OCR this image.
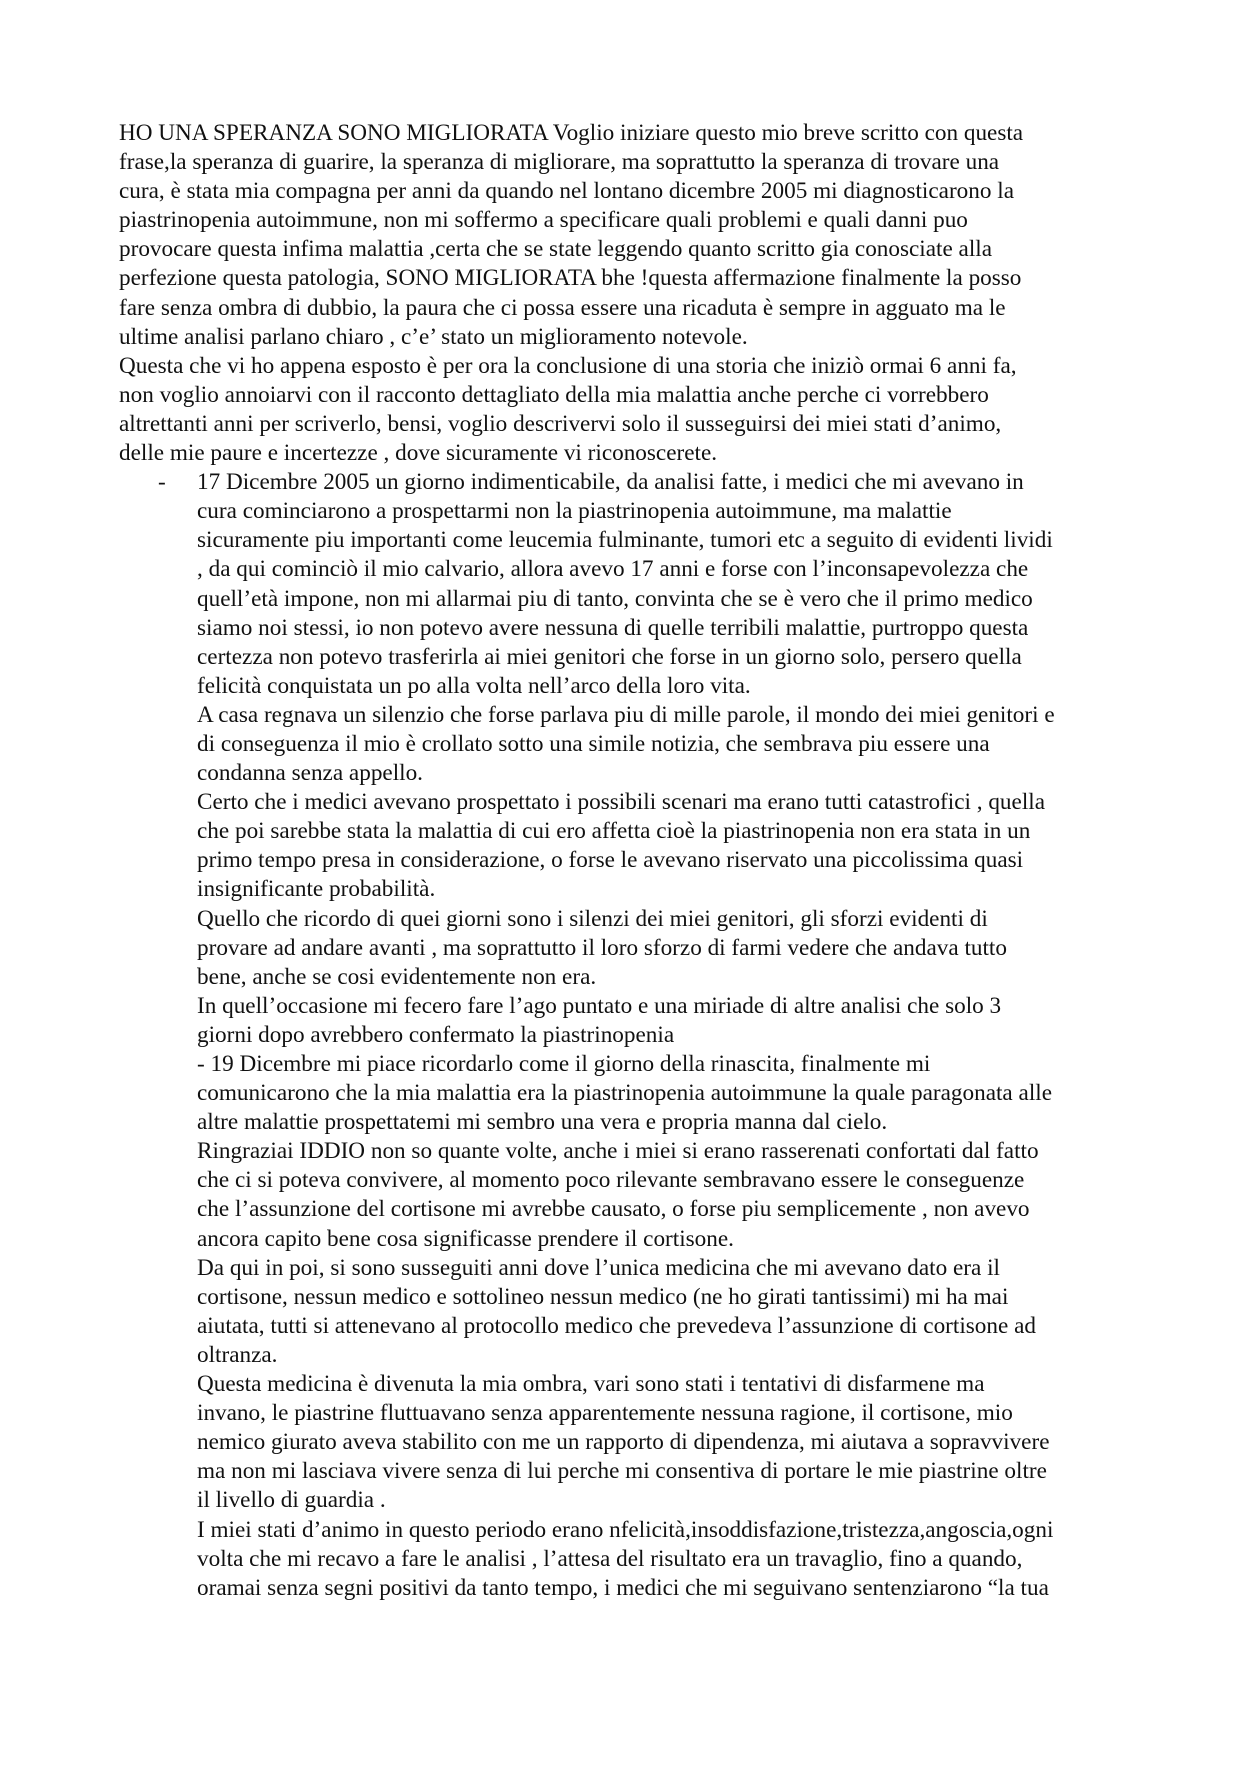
HO UNA SPERANZA SONO MIGLIORATA Voglio iniziare questo mio breve scritto con questa
frase,la speranza di guarire, la speranza di migliorare, ma soprattutto la speranza di trovare una
cura, è stata mia compagna per anni da quando nel lontano dicembre 2005 mi diagnosticarono la
piastrinopenia autoimmune, non mi soffermo a specificare quali problemi e quali danni puo
provocare questa infima malattia ,certa che se state leggendo quanto scritto gia conosciate alla
perfezione questa patologia, SONO MIGLIORATA bhe !questa affermazione finalmente la posso
fare senza ombra di dubbio, la paura che ci possa essere una ricaduta è sempre in agguato ma le
ultime analisi parlano chiaro , c’e’ stato un miglioramento notevole.
Questa che vi ho appena esposto è per ora la conclusione di una storia che iniziò ormai 6 anni fa,
non voglio annoiarvi con il racconto dettagliato della mia malattia anche perche ci vorrebbero
altrettanti anni per scriverlo, bensi, voglio descrivervi solo il susseguirsi dei miei stati d’animo,
delle mie paure e incertezze , dove sicuramente vi riconoscerete.
- 17 Dicembre 2005 un giorno indimenticabile, da analisi fatte, i medici che mi avevano in
cura cominciarono a prospettarmi non la piastrinopenia autoimmune, ma malattie
sicuramente piu importanti come leucemia fulminante, tumori etc a seguito di evidenti lividi
, da qui cominciò il mio calvario, allora avevo 17 anni e forse con l’inconsapevolezza che
quell’età impone, non mi allarmai piu di tanto, convinta che se è vero che il primo medico
siamo noi stessi, io non potevo avere nessuna di quelle terribili malattie, purtroppo questa
certezza non potevo trasferirla ai miei genitori che forse in un giorno solo, persero quella
felicità conquistata un po alla volta nell’arco della loro vita.
A casa regnava un silenzio che forse parlava piu di mille parole, il mondo dei miei genitori e
di conseguenza il mio è crollato sotto una simile notizia, che sembrava piu essere una
condanna senza appello.
Certo che i medici avevano prospettato i possibili scenari ma erano tutti catastrofici , quella
che poi sarebbe stata la malattia di cui ero affetta cioè la piastrinopenia non era stata in un
primo tempo presa in considerazione, o forse le avevano riservato una piccolissima quasi
insignificante probabilità.
Quello che ricordo di quei giorni sono i silenzi dei miei genitori, gli sforzi evidenti di
provare ad andare avanti , ma soprattutto il loro sforzo di farmi vedere che andava tutto
bene, anche se cosi evidentemente non era.
In quell’occasione mi fecero fare l’ago puntato e una miriade di altre analisi che solo 3
giorni dopo avrebbero confermato la piastrinopenia
- 19 Dicembre mi piace ricordarlo come il giorno della rinascita, finalmente mi
comunicarono che la mia malattia era la piastrinopenia autoimmune la quale paragonata alle
altre malattie prospettatemi mi sembro una vera e propria manna dal cielo.
Ringraziai IDDIO non so quante volte, anche i miei si erano rasserenati confortati dal fatto
che ci si poteva convivere, al momento poco rilevante sembravano essere le conseguenze
che l’assunzione del cortisone mi avrebbe causato, o forse piu semplicemente , non avevo
ancora capito bene cosa significasse prendere il cortisone.
Da qui in poi, si sono susseguiti anni dove l’unica medicina che mi avevano dato era il
cortisone, nessun medico e sottolineo nessun medico (ne ho girati tantissimi) mi ha mai
aiutata, tutti si attenevano al protocollo medico che prevedeva l’assunzione di cortisone ad
oltranza.
Questa medicina è divenuta la mia ombra, vari sono stati i tentativi di disfarmene ma
invano, le piastrine fluttuavano senza apparentemente nessuna ragione, il cortisone, mio
nemico giurato aveva stabilito con me un rapporto di dipendenza, mi aiutava a sopravvivere
ma non mi lasciava vivere senza di lui perche mi consentiva di portare le mie piastrine oltre
il livello di guardia .
I miei stati d’animo in questo periodo erano nfelicità,insoddisfazione,tristezza,angoscia,ogni
volta che mi recavo a fare le analisi , l’attesa del risultato era un travaglio, fino a quando,
oramai senza segni positivi da tanto tempo, i medici che mi seguivano sentenziarono “la tua
